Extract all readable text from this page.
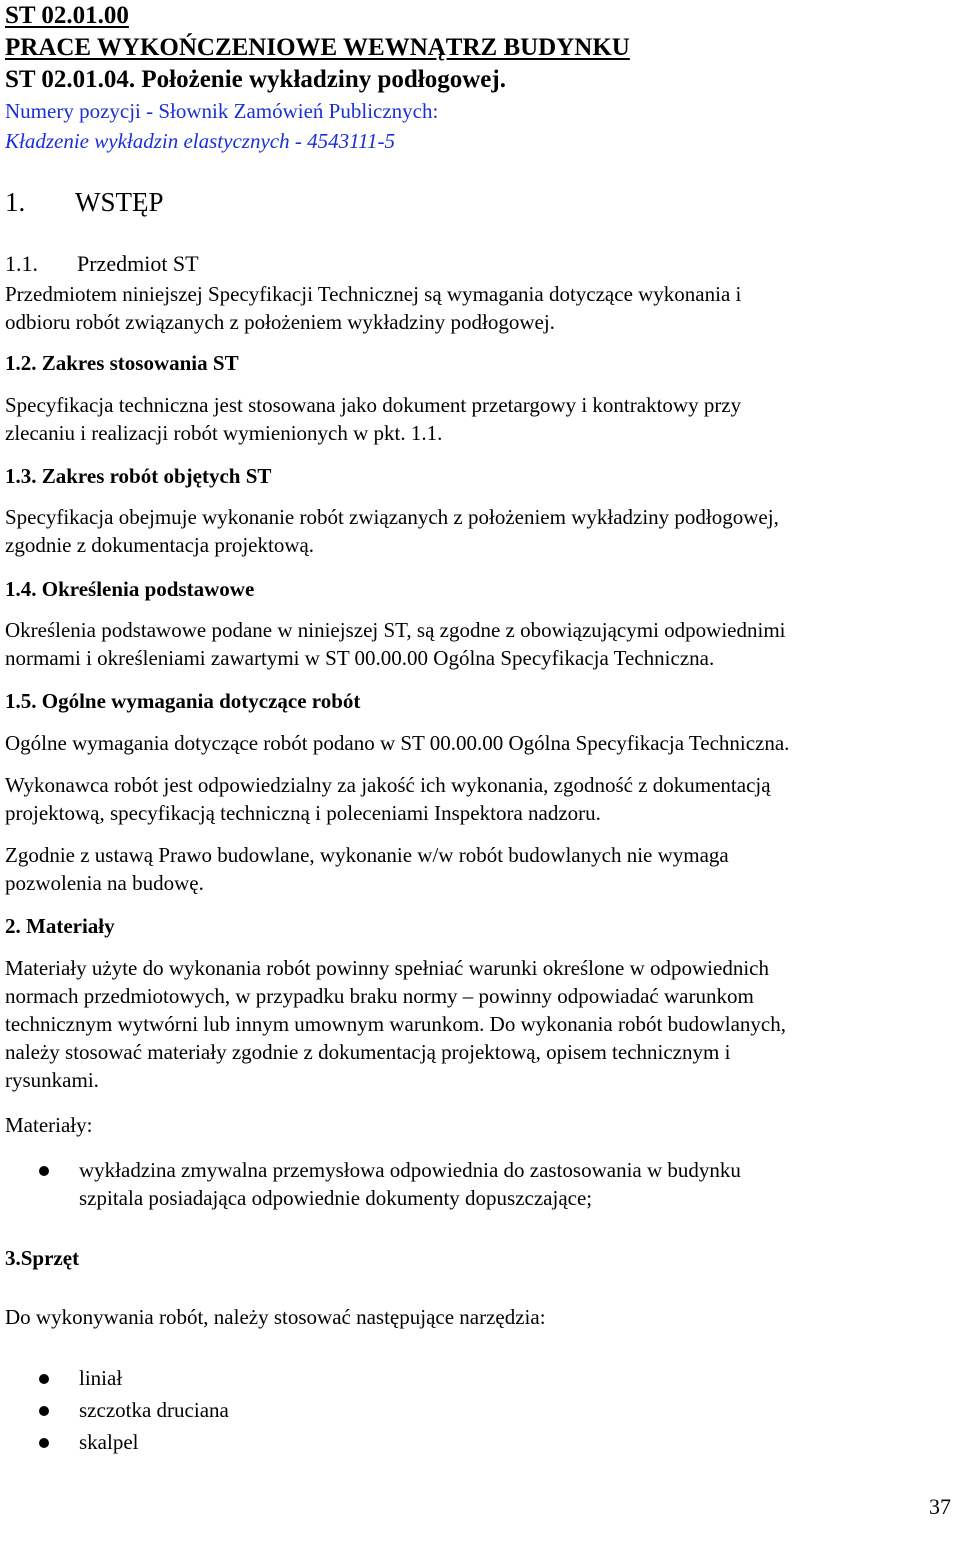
ST 02.01.00
PRACE WYKOŃCZENIOWE WEWNĄTRZ BUDYNKU
ST 02.01.04. Położenie wykładziny podłogowej.
Numery pozycji - Słownik Zamówień Publicznych:
Kładzenie wykładzin elastycznych - 4543111-5
1. WSTĘP
1.1. Przedmiot ST
Przedmiotem niniejszej Specyfikacji Technicznej są wymagania dotyczące wykonania i
odbioru robót związanych z położeniem wykładziny podłogowej.
1.2. Zakres stosowania ST
Specyfikacja techniczna jest stosowana jako dokument przetargowy i kontraktowy przy
zlecaniu i realizacji robót wymienionych w pkt. 1.1.
1.3. Zakres robót objętych ST
Specyfikacja obejmuje wykonanie robót związanych z położeniem wykładziny podłogowej,
zgodnie z dokumentacja projektową.
1.4. Określenia podstawowe
Określenia podstawowe podane w niniejszej ST, są zgodne z obowiązującymi odpowiednimi
normami i określeniami zawartymi w ST 00.00.00 Ogólna Specyfikacja Techniczna.
1.5. Ogólne wymagania dotyczące robót
Ogólne wymagania dotyczące robót podano w ST 00.00.00 Ogólna Specyfikacja Techniczna.
Wykonawca robót jest odpowiedzialny za jakość ich wykonania, zgodność z dokumentacją
projektową, specyfikacją techniczną i poleceniami Inspektora nadzoru.
Zgodnie z ustawą Prawo budowlane, wykonanie w/w robót budowlanych nie wymaga
pozwolenia na budowę.
2. Materiały
Materiały użyte do wykonania robót powinny spełniać warunki określone w odpowiednich
normach przedmiotowych, w przypadku braku normy – powinny odpowiadać warunkom
technicznym wytwórni lub innym umownym warunkom. Do wykonania robót budowlanych,
należy stosować materiały zgodnie z dokumentacją projektową, opisem technicznym i
rysunkami.
Materiały:
wykładzina zmywalna przemysłowa odpowiednia do zastosowania w budynku
szpitala posiadająca odpowiednie dokumenty dopuszczające;
3.Sprzęt
Do wykonywania robót, należy stosować następujące narzędzia:
liniał
szczotka druciana
skalpel
37
